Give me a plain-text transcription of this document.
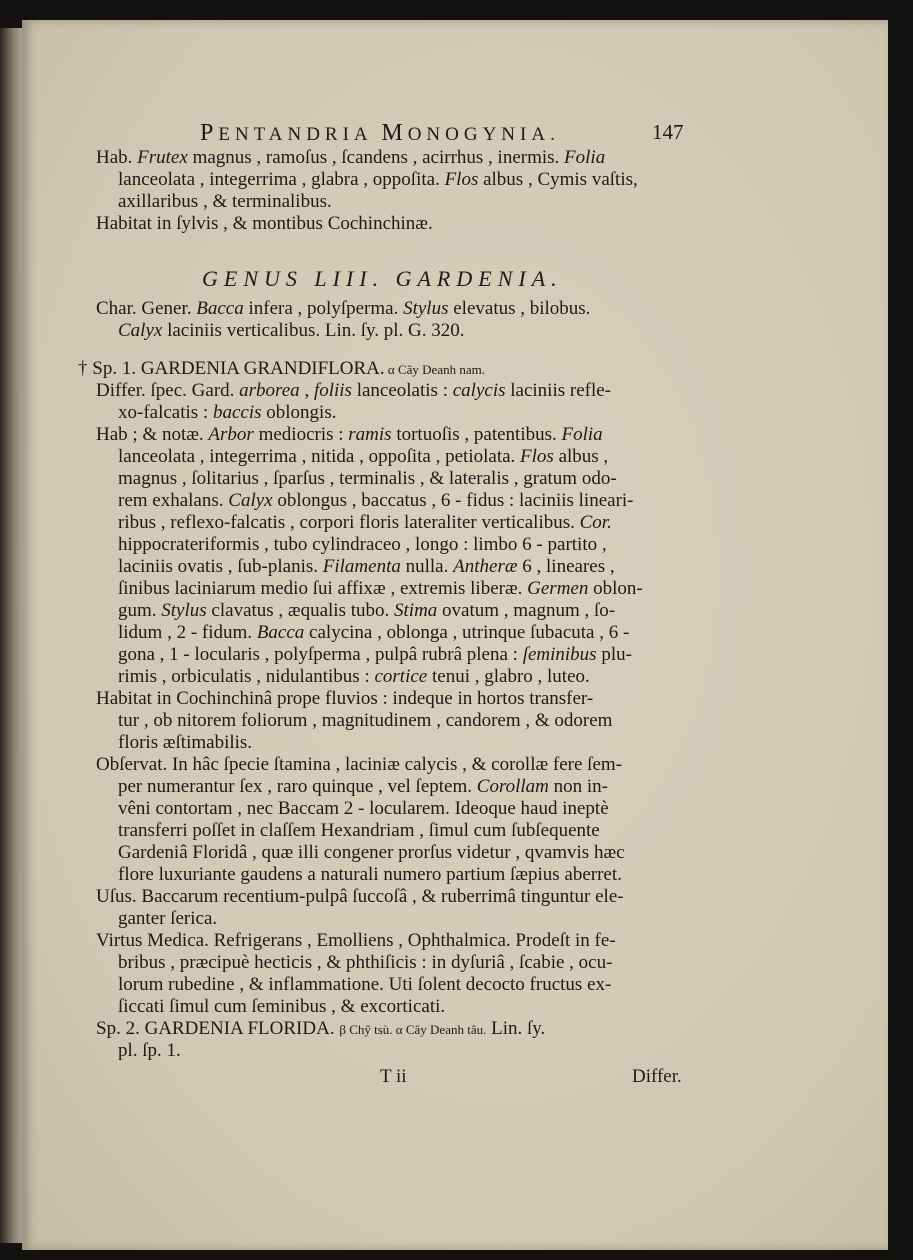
PENTANDRIA MONOGYNIA.	147
Hab. Frutex magnus , ramoſus , ſcandens , acirrhus , inermis. Folia
lanceolata , integerrima , glabra , oppoſita. Flos albus , Cymis vaſtis,
axillaribus , & terminalibus.
Habitat in ſylvis , & montibus Cochinchinæ.
GENUS LIII. GARDENIA.
Char. Gener. Bacca infera , polyſperma. Stylus elevatus , bilobus.
Calyx laciniis verticalibus. Lin. ſy. pl. G. 320.
† Sp. 1. GARDENIA GRANDIFLORA. α Cây Deanh nam.
Differ. ſpec. Gard. arborea , foliis lanceolatis : calycis laciniis refle-
xo-falcatis : baccis oblongis.
Hab ; & notæ. Arbor mediocris : ramis tortuoſis , patentibus. Folia
lanceolata , integerrima , nitida , oppoſita , petiolata. Flos albus ,
magnus , ſolitarius , ſparſus , terminalis , & lateralis , gratum odo-
rem exhalans. Calyx oblongus , baccatus , 6 - fidus : laciniis lineari-
ribus , reflexo-falcatis , corpori floris lateraliter verticalibus. Cor.
hippocrateriformis , tubo cylindraceo , longo : limbo 6 - partito ,
laciniis ovatis , ſub-planis. Filamenta nulla. Antheræ 6 , lineares ,
ſinibus laciniarum medio ſui affixæ , extremis liberæ. Germen oblon-
gum. Stylus clavatus , æqualis tubo. Stima ovatum , magnum , ſo-
lidum , 2 - fidum. Bacca calycina , oblonga , utrinque ſubacuta , 6 -
gona , 1 - locularis , polyſperma , pulpâ rubrâ plena : ſeminibus plu-
rimis , orbiculatis , nidulantibus : cortice tenui , glabro , luteo.
Habitat in Cochinchinâ prope fluvios : indeque in hortos transfer-
tur , ob nitorem foliorum , magnitudinem , candorem , & odorem
floris æſtimabilis.
Obſervat. In hâc ſpecie ſtamina , laciniæ calycis , & corollæ fere ſem-
per numerantur ſex , raro quinque , vel ſeptem. Corollam non in-
vêni contortam , nec Baccam 2 - locularem. Ideoque haud ineptè
transferri poſſet in claſſem Hexandriam , ſimul cum ſubſequente
Gardeniâ Floridâ , quæ illi congener prorſus videtur , qvamvis hæc
flore luxuriante gaudens a naturali numero partium ſæpius aberret.
Uſus. Baccarum recentium-pulpâ ſuccoſâ , & ruberrimâ tinguntur ele-
ganter ſerica.
Virtus Medica. Refrigerans , Emolliens , Ophthalmica. Prodeſt in fe-
bribus , præcipuè hecticis , & phthiſicis : in dyſuriâ , ſcabie , ocu-
lorum rubedine , & inflammatione. Uti ſolent decocto fructus ex-
ſiccati ſimul cum ſeminibus , & excorticati.
Sp. 2. GARDENIA FLORIDA. β Chỹ tsù. α Cây Deanh tâu. Lin. ſy.
pl. ſp. 1.
T ii	Differ.
